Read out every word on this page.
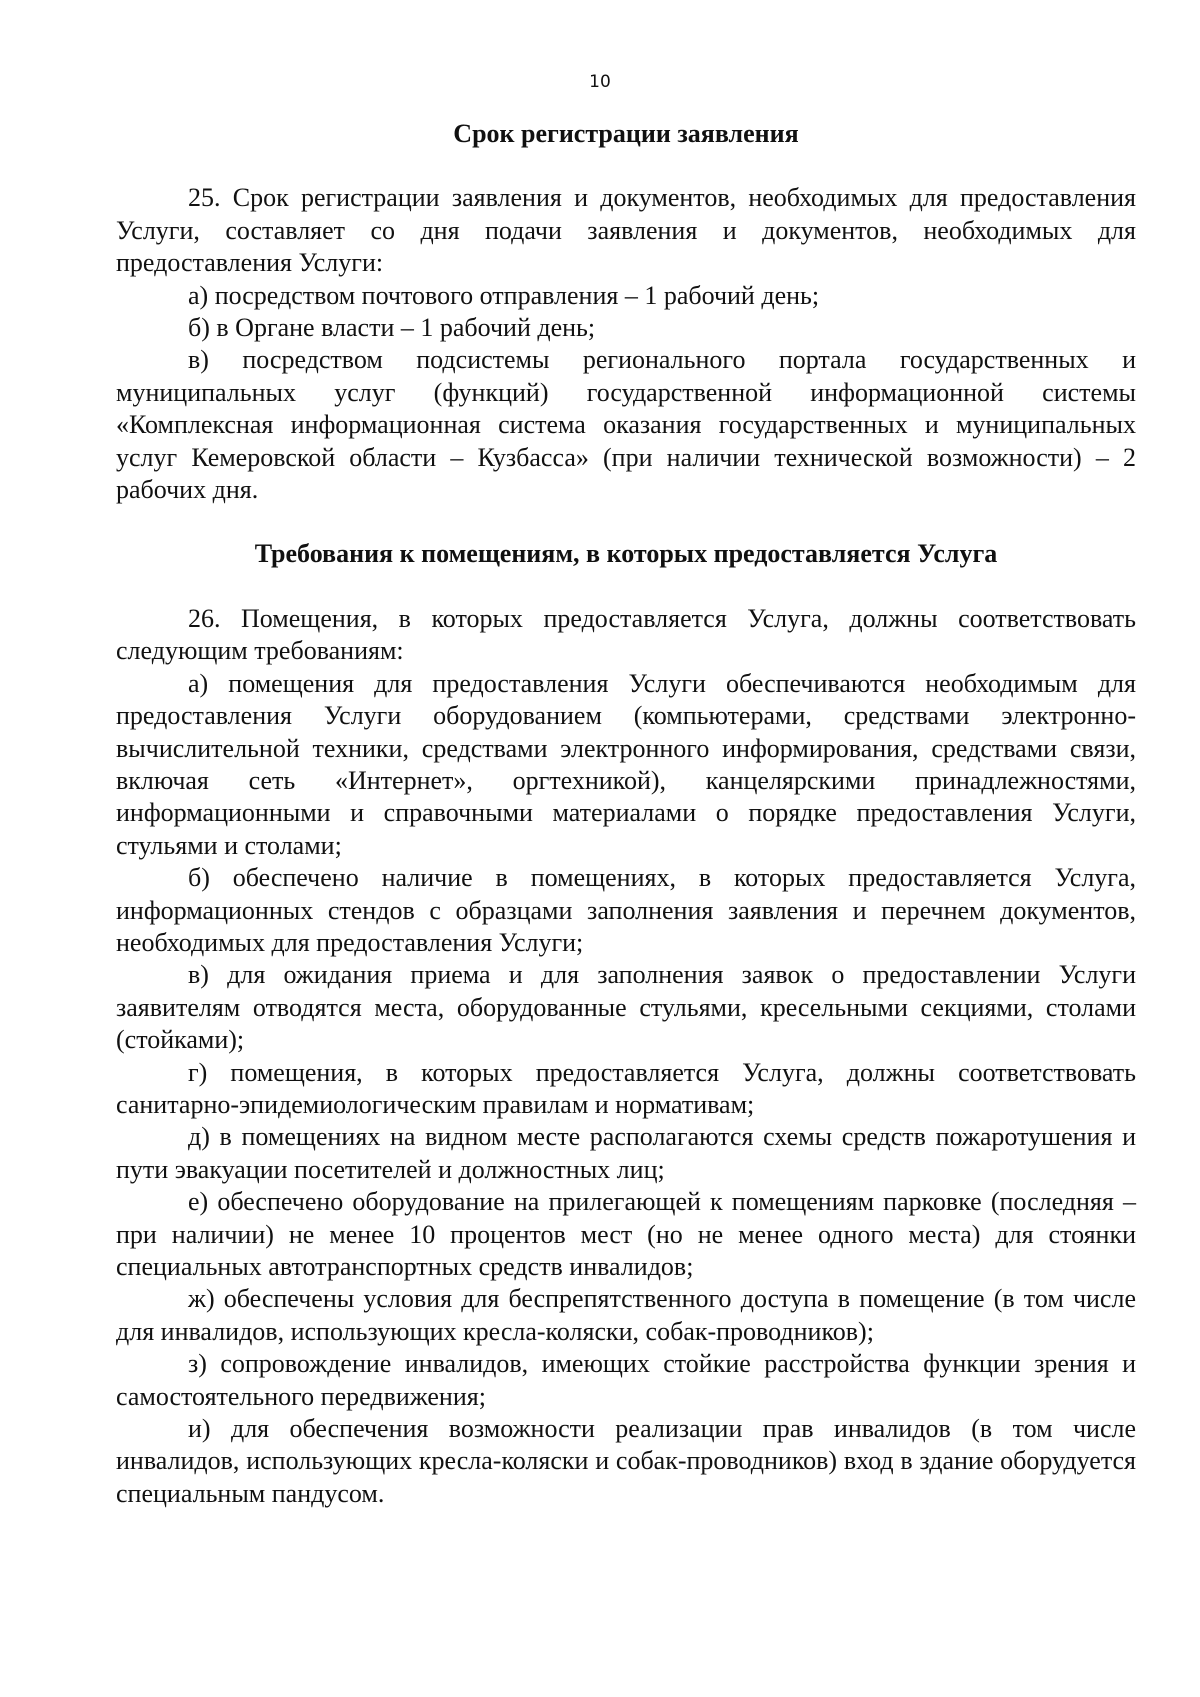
10
Срок регистрации заявления

25. Срок регистрации заявления и документов, необходимых для предоставления Услуги, составляет со дня подачи заявления и документов, необходимых для предоставления Услуги:

а) посредством почтового отправления – 1 рабочий день;

б) в Органе власти – 1 рабочий день;

в) посредством подсистемы регионального портала государственных и муниципальных услуг (функций) государственной информационной системы «Комплексная информационная система оказания государственных и муниципальных услуг Кемеровской области – Кузбасса» (при наличии технической возможности) – 2 рабочих дня.

Требования к помещениям, в которых предоставляется Услуга

26. Помещения, в которых предоставляется Услуга, должны соответствовать следующим требованиям:

а) помещения для предоставления Услуги обеспечиваются необходимым для предоставления Услуги оборудованием (компьютерами, средствами электронно-вычислительной техники, средствами электронного информирования, средствами связи, включая сеть «Интернет», оргтехникой), канцелярскими принадлежностями, информационными и справочными материалами о порядке предоставления Услуги, стульями и столами;

б) обеспечено наличие в помещениях, в которых предоставляется Услуга, информационных стендов с образцами заполнения заявления и перечнем документов, необходимых для предоставления Услуги;

в) для ожидания приема и для заполнения заявок о предоставлении Услуги заявителям отводятся места, оборудованные стульями, кресельными секциями, столами (стойками);

г) помещения, в которых предоставляется Услуга, должны соответствовать санитарно-эпидемиологическим правилам и нормативам;

д) в помещениях на видном месте располагаются схемы средств пожаротушения и пути эвакуации посетителей и должностных лиц;

е) обеспечено оборудование на прилегающей к помещениям парковке (последняя – при наличии) не менее 10 процентов мест (но не менее одного места) для стоянки специальных автотранспортных средств инвалидов;

ж) обеспечены условия для беспрепятственного доступа в помещение (в том числе для инвалидов, использующих кресла-коляски, собак-проводников);

з) сопровождение инвалидов, имеющих стойкие расстройства функции зрения и самостоятельного передвижения;

и) для обеспечения возможности реализации прав инвалидов (в том числе инвалидов, использующих кресла-коляски и собак-проводников) вход в здание оборудуется специальным пандусом.
